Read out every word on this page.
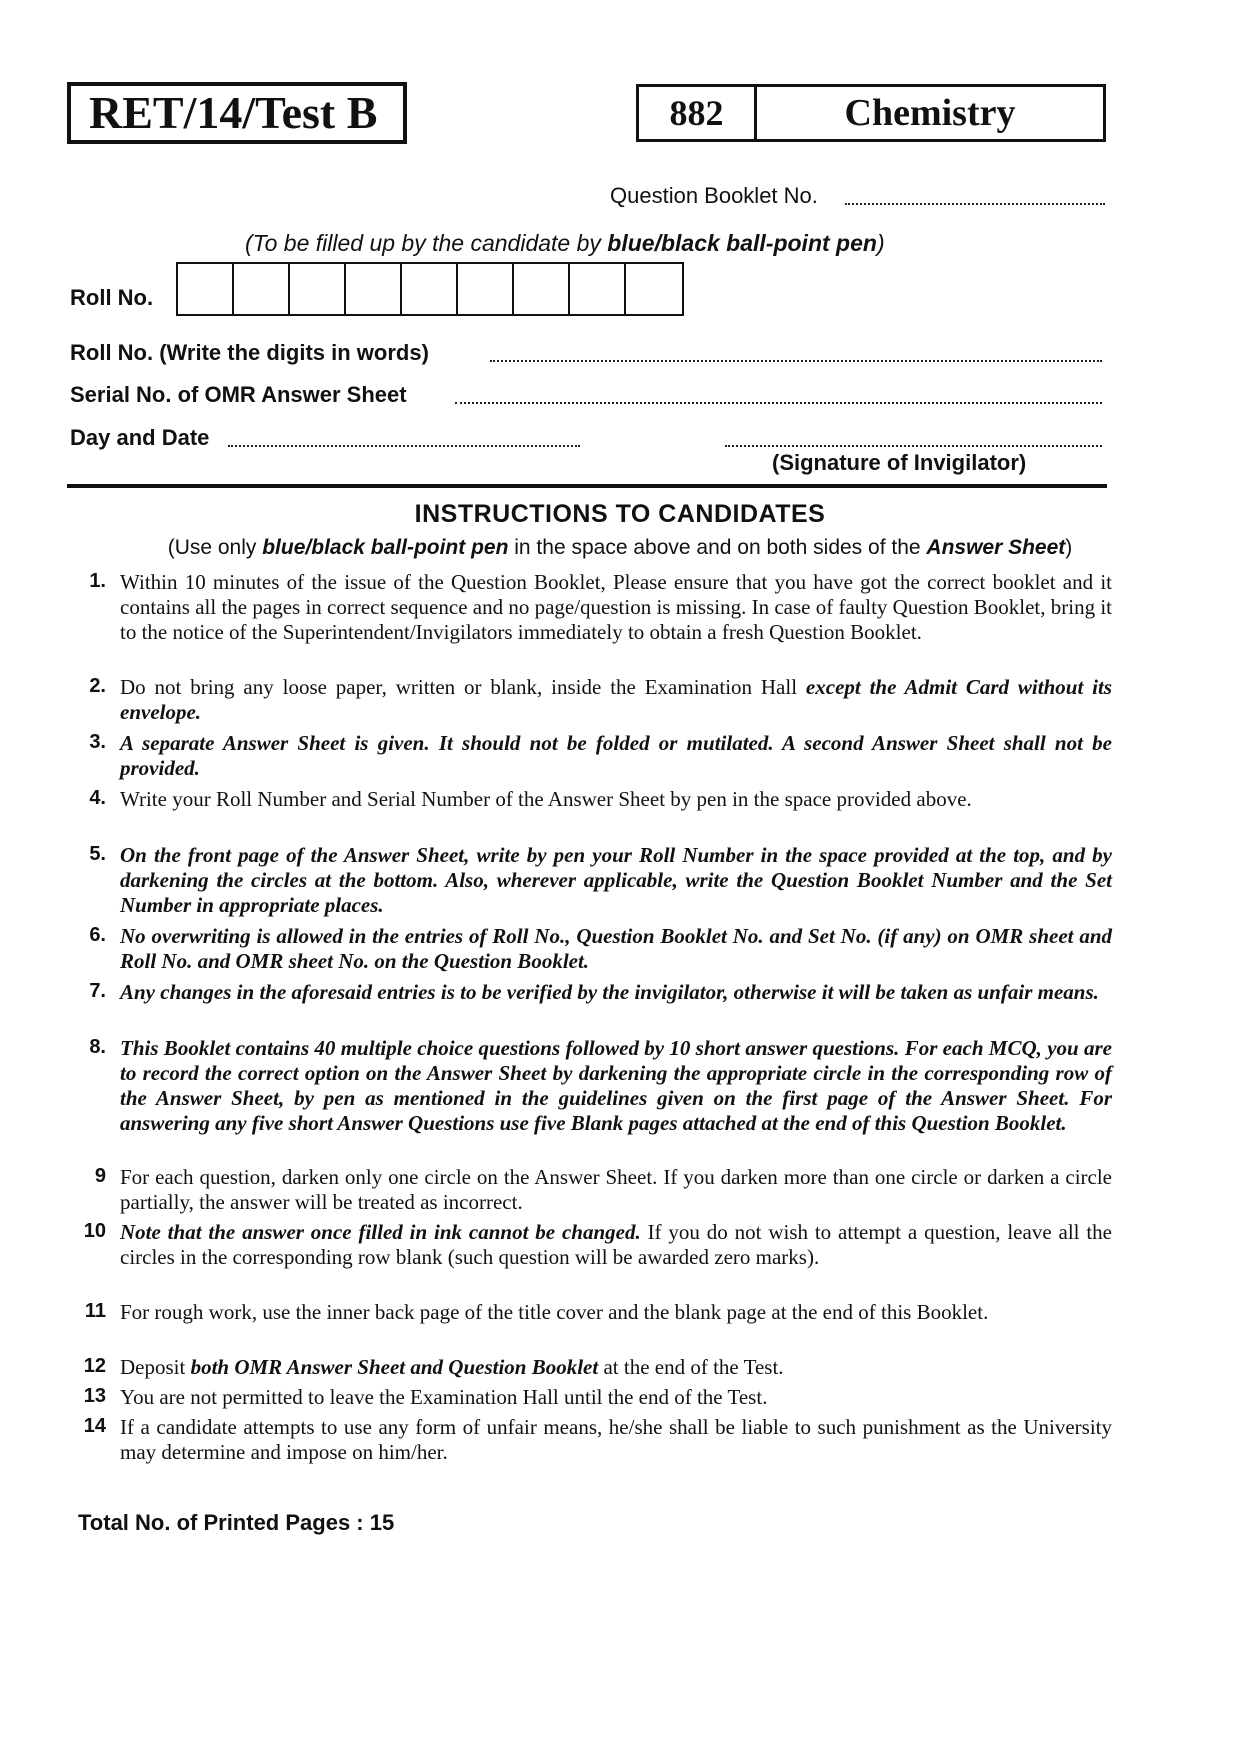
RET/14/Test B	882	Chemistry
Question Booklet No.
(To be filled up by the candidate by blue/black ball-point pen)
Roll No.
Roll No. (Write the digits in words)
Serial No. of OMR Answer Sheet
Day and Date
(Signature of Invigilator)
INSTRUCTIONS TO CANDIDATES
(Use only blue/black ball-point pen in the space above and on both sides of the Answer Sheet)
1. Within 10 minutes of the issue of the Question Booklet, Please ensure that you have got the correct booklet and it contains all the pages in correct sequence and no page/question is missing. In case of faulty Question Booklet, bring it to the notice of the Superintendent/Invigilators immediately to obtain a fresh Question Booklet.
2. Do not bring any loose paper, written or blank, inside the Examination Hall except the Admit Card without its envelope.
3. A separate Answer Sheet is given. It should not be folded or mutilated. A second Answer Sheet shall not be provided.
4. Write your Roll Number and Serial Number of the Answer Sheet by pen in the space provided above.
5. On the front page of the Answer Sheet, write by pen your Roll Number in the space provided at the top, and by darkening the circles at the bottom. Also, wherever applicable, write the Question Booklet Number and the Set Number in appropriate places.
6. No overwriting is allowed in the entries of Roll No., Question Booklet No. and Set No. (if any) on OMR sheet and Roll No. and OMR sheet No. on the Question Booklet.
7. Any changes in the aforesaid entries is to be verified by the invigilator, otherwise it will be taken as unfair means.
8. This Booklet contains 40 multiple choice questions followed by 10 short answer questions. For each MCQ, you are to record the correct option on the Answer Sheet by darkening the appropriate circle in the corresponding row of the Answer Sheet, by pen as mentioned in the guidelines given on the first page of the Answer Sheet. For answering any five short Answer Questions use five Blank pages attached at the end of this Question Booklet.
9 For each question, darken only one circle on the Answer Sheet. If you darken more than one circle or darken a circle partially, the answer will be treated as incorrect.
10 Note that the answer once filled in ink cannot be changed. If you do not wish to attempt a question, leave all the circles in the corresponding row blank (such question will be awarded zero marks).
11 For rough work, use the inner back page of the title cover and the blank page at the end of this Booklet.
12 Deposit both OMR Answer Sheet and Question Booklet at the end of the Test.
13 You are not permitted to leave the Examination Hall until the end of the Test.
14 If a candidate attempts to use any form of unfair means, he/she shall be liable to such punishment as the University may determine and impose on him/her.
Total No. of Printed Pages : 15
